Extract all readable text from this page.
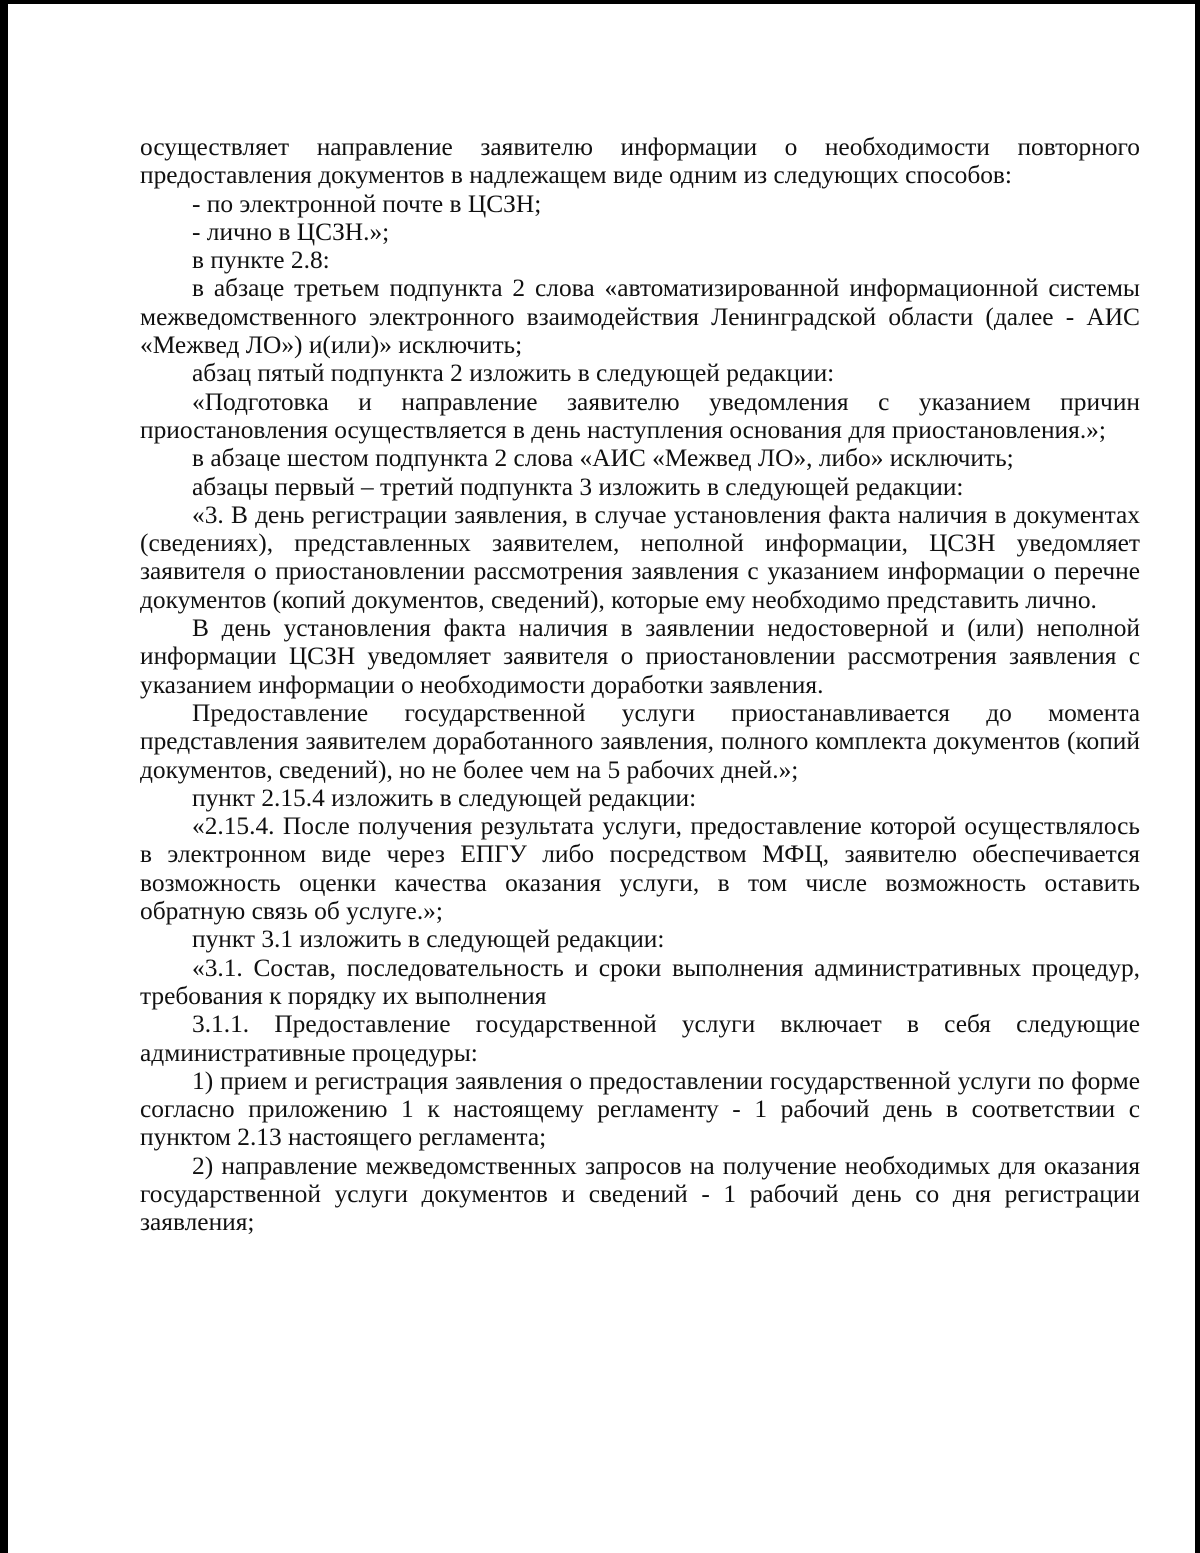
осуществляет направление заявителю информации о необходимости повторного предоставления документов в надлежащем виде одним из следующих способов:

- по электронной почте в ЦСЗН;

- лично в ЦСЗН.»;

в пункте 2.8:

в абзаце третьем подпункта 2 слова «автоматизированной информационной системы межведомственного электронного взаимодействия Ленинградской области (далее - АИС «Межвед ЛО») и(или)» исключить;

абзац пятый подпункта 2 изложить в следующей редакции:

«Подготовка и направление заявителю уведомления с указанием причин приостановления осуществляется в день наступления основания для приостановления.»;

в абзаце шестом подпункта 2 слова «АИС «Межвед ЛО», либо» исключить;

абзацы первый – третий подпункта 3 изложить в следующей редакции:

«3. В день регистрации заявления, в случае установления факта наличия в документах (сведениях), представленных заявителем, неполной информации, ЦСЗН уведомляет заявителя о приостановлении рассмотрения заявления с указанием информации о перечне документов (копий документов, сведений), которые ему необходимо представить лично.

В день установления факта наличия в заявлении недостоверной и (или) неполной информации ЦСЗН уведомляет заявителя о приостановлении рассмотрения заявления с указанием информации о необходимости доработки заявления.

Предоставление государственной услуги приостанавливается до момента представления заявителем доработанного заявления, полного комплекта документов (копий документов, сведений), но не более чем на 5 рабочих дней.»;

пункт 2.15.4 изложить в следующей редакции:

«2.15.4. После получения результата услуги, предоставление которой осуществлялось в электронном виде через ЕПГУ либо посредством МФЦ, заявителю обеспечивается возможность оценки качества оказания услуги, в том числе возможность оставить обратную связь об услуге.»;

пункт 3.1 изложить в следующей редакции:

«3.1. Состав, последовательность и сроки выполнения административных процедур, требования к порядку их выполнения

3.1.1. Предоставление государственной услуги включает в себя следующие административные процедуры:

1) прием и регистрация заявления о предоставлении государственной услуги по форме согласно приложению 1 к настоящему регламенту - 1 рабочий день в соответствии с пунктом 2.13 настоящего регламента;

2) направление межведомственных запросов на получение необходимых для оказания государственной услуги документов и сведений - 1 рабочий день со дня регистрации заявления;
